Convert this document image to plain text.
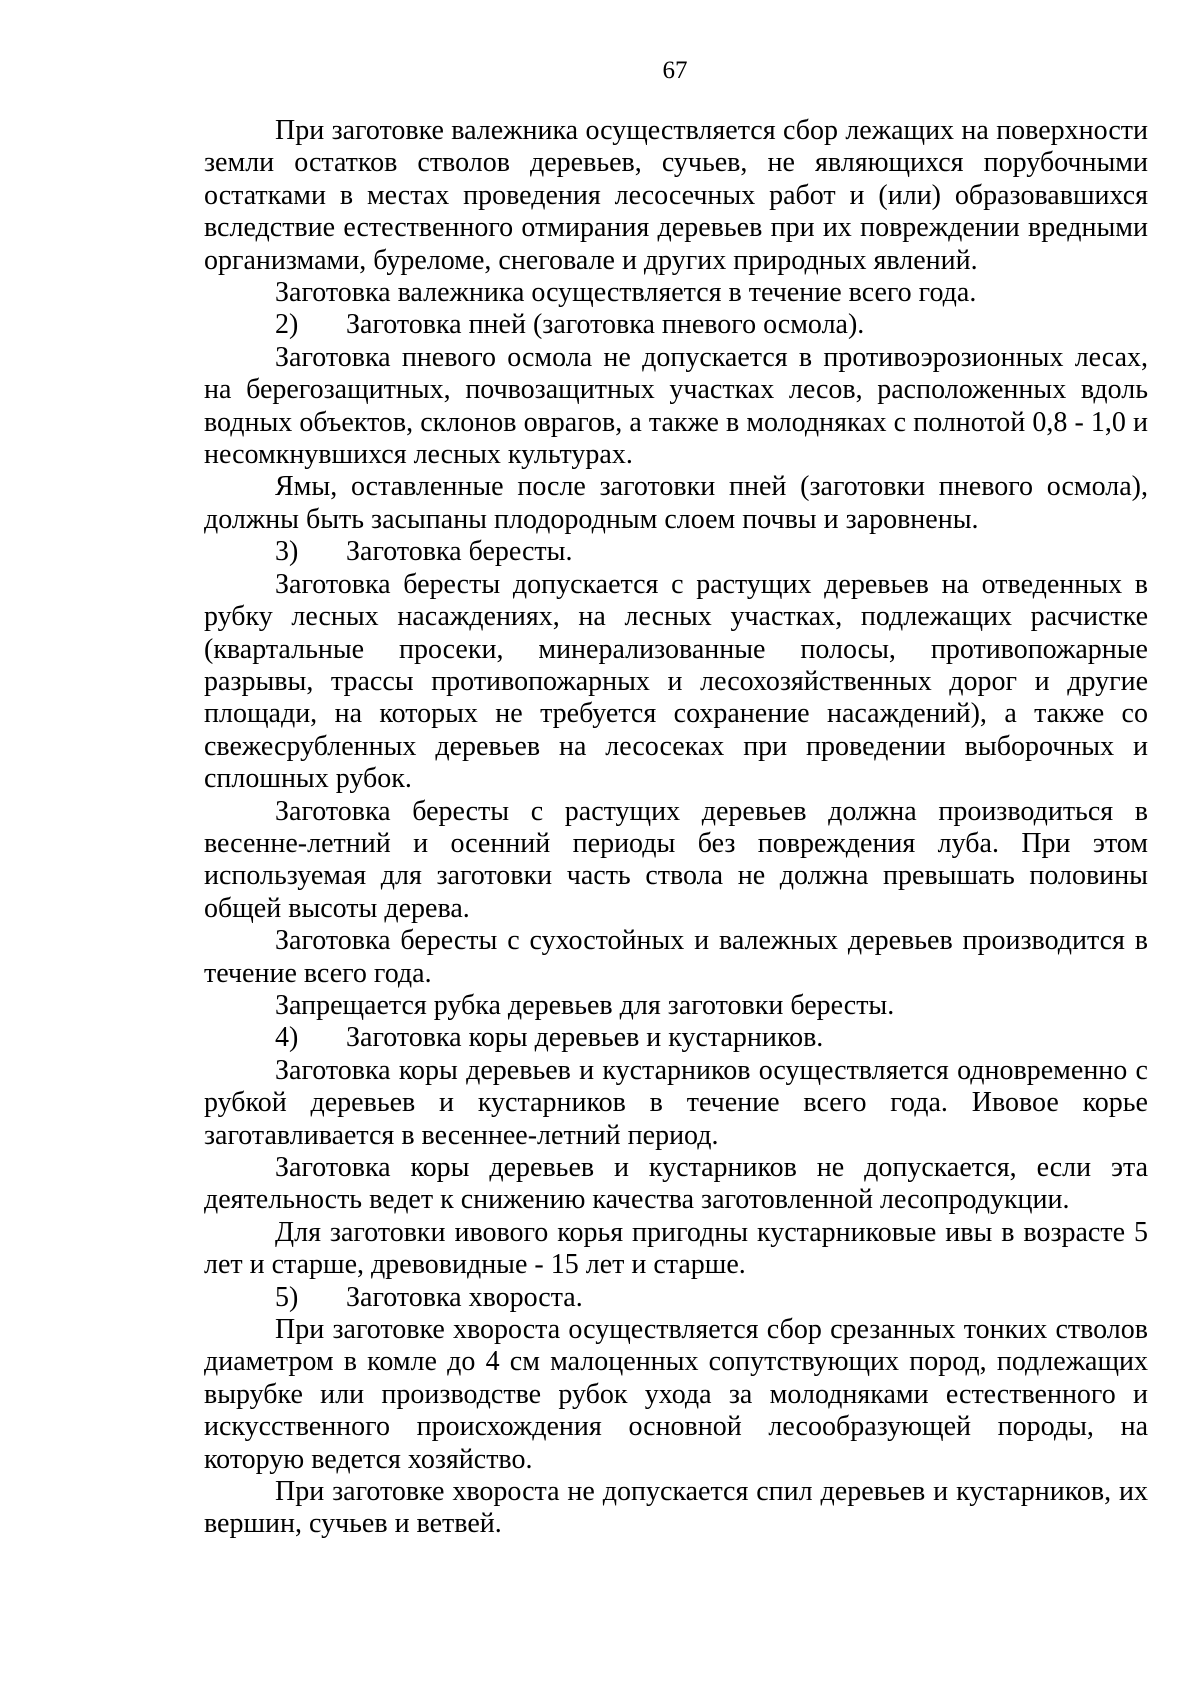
67

При заготовке валежника осуществляется сбор лежащих на поверхности земли остатков стволов деревьев, сучьев, не являющихся порубочными остатками в местах проведения лесосечных работ и (или) образовавшихся вследствие естественного отмирания деревьев при их повреждении вредными организмами, буреломе, снеговале и других природных явлений.

Заготовка валежника осуществляется в течение всего года.

2) Заготовка пней (заготовка пневого осмола).

Заготовка пневого осмола не допускается в противоэрозионных лесах, на берегозащитных, почвозащитных участках лесов, расположенных вдоль водных объектов, склонов оврагов, а также в молодняках с полнотой 0,8 - 1,0 и несомкнувшихся лесных культурах.

Ямы, оставленные после заготовки пней (заготовки пневого осмола), должны быть засыпаны плодородным слоем почвы и заровнены.

3) Заготовка бересты.

Заготовка бересты допускается с растущих деревьев на отведенных в рубку лесных насаждениях, на лесных участках, подлежащих расчистке (квартальные просеки, минерализованные полосы, противопожарные разрывы, трассы противопожарных и лесохозяйственных дорог и другие площади, на которых не требуется сохранение насаждений), а также со свежесрубленных деревьев на лесосеках при проведении выборочных и сплошных рубок.

Заготовка бересты с растущих деревьев должна производиться в весенне-летний и осенний периоды без повреждения луба. При этом используемая для заготовки часть ствола не должна превышать половины общей высоты дерева.

Заготовка бересты с сухостойных и валежных деревьев производится в течение всего года.

Запрещается рубка деревьев для заготовки бересты.

4) Заготовка коры деревьев и кустарников.

Заготовка коры деревьев и кустарников осуществляется одновременно с рубкой деревьев и кустарников в течение всего года. Ивовое корье заготавливается в весеннее-летний период.

Заготовка коры деревьев и кустарников не допускается, если эта деятельность ведет к снижению качества заготовленной лесопродукции.

Для заготовки ивового корья пригодны кустарниковые ивы в возрасте 5 лет и старше, древовидные - 15 лет и старше.

5) Заготовка хвороста.

При заготовке хвороста осуществляется сбор срезанных тонких стволов диаметром в комле до 4 см малоценных сопутствующих пород, подлежащих вырубке или производстве рубок ухода за молодняками естественного и искусственного происхождения основной лесообразующей породы, на которую ведется хозяйство.

При заготовке хвороста не допускается спил деревьев и кустарников, их вершин, сучьев и ветвей.
